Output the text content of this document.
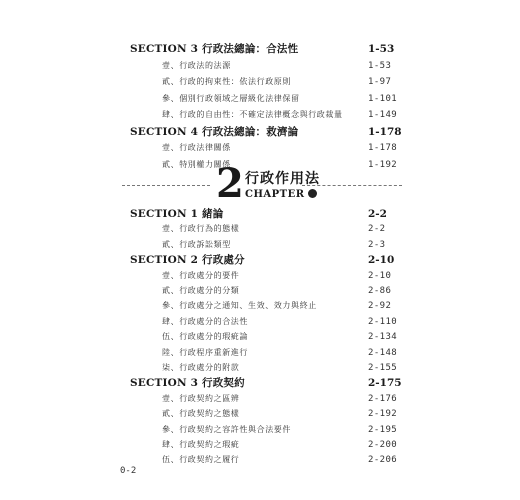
2 行政作用法
CHAPTER
SECTION 3 行政法總論：合法性	1-53
壹、行政法的法源	1-53
貳、行政的拘束性：依法行政原則	1-97
參、個別行政領域之層級化法律保留	1-101
肆、行政的自由性：不確定法律概念與行政裁量	1-149
SECTION 4 行政法總論：救濟論	1-178
壹、行政法律關係	1-178
貳、特別權力關係	1-192
SECTION 1 緒論	2-2
壹、行政行為的態樣	2-2
貳、行政訴訟類型	2-3
SECTION 2 行政處分	2-10
壹、行政處分的要件	2-10
貳、行政處分的分類	2-86
參、行政處分之通知、生效、效力與終止	2-92
肆、行政處分的合法性	2-110
伍、行政處分的瑕疵論	2-134
陸、行政程序重新進行	2-148
柒、行政處分的附款	2-155
SECTION 3 行政契約	2-175
壹、行政契約之區辨	2-176
貳、行政契約之態樣	2-192
參、行政契約之容許性與合法要件	2-195
肆、行政契約之瑕疵	2-200
伍、行政契約之履行	2-206
0-2
